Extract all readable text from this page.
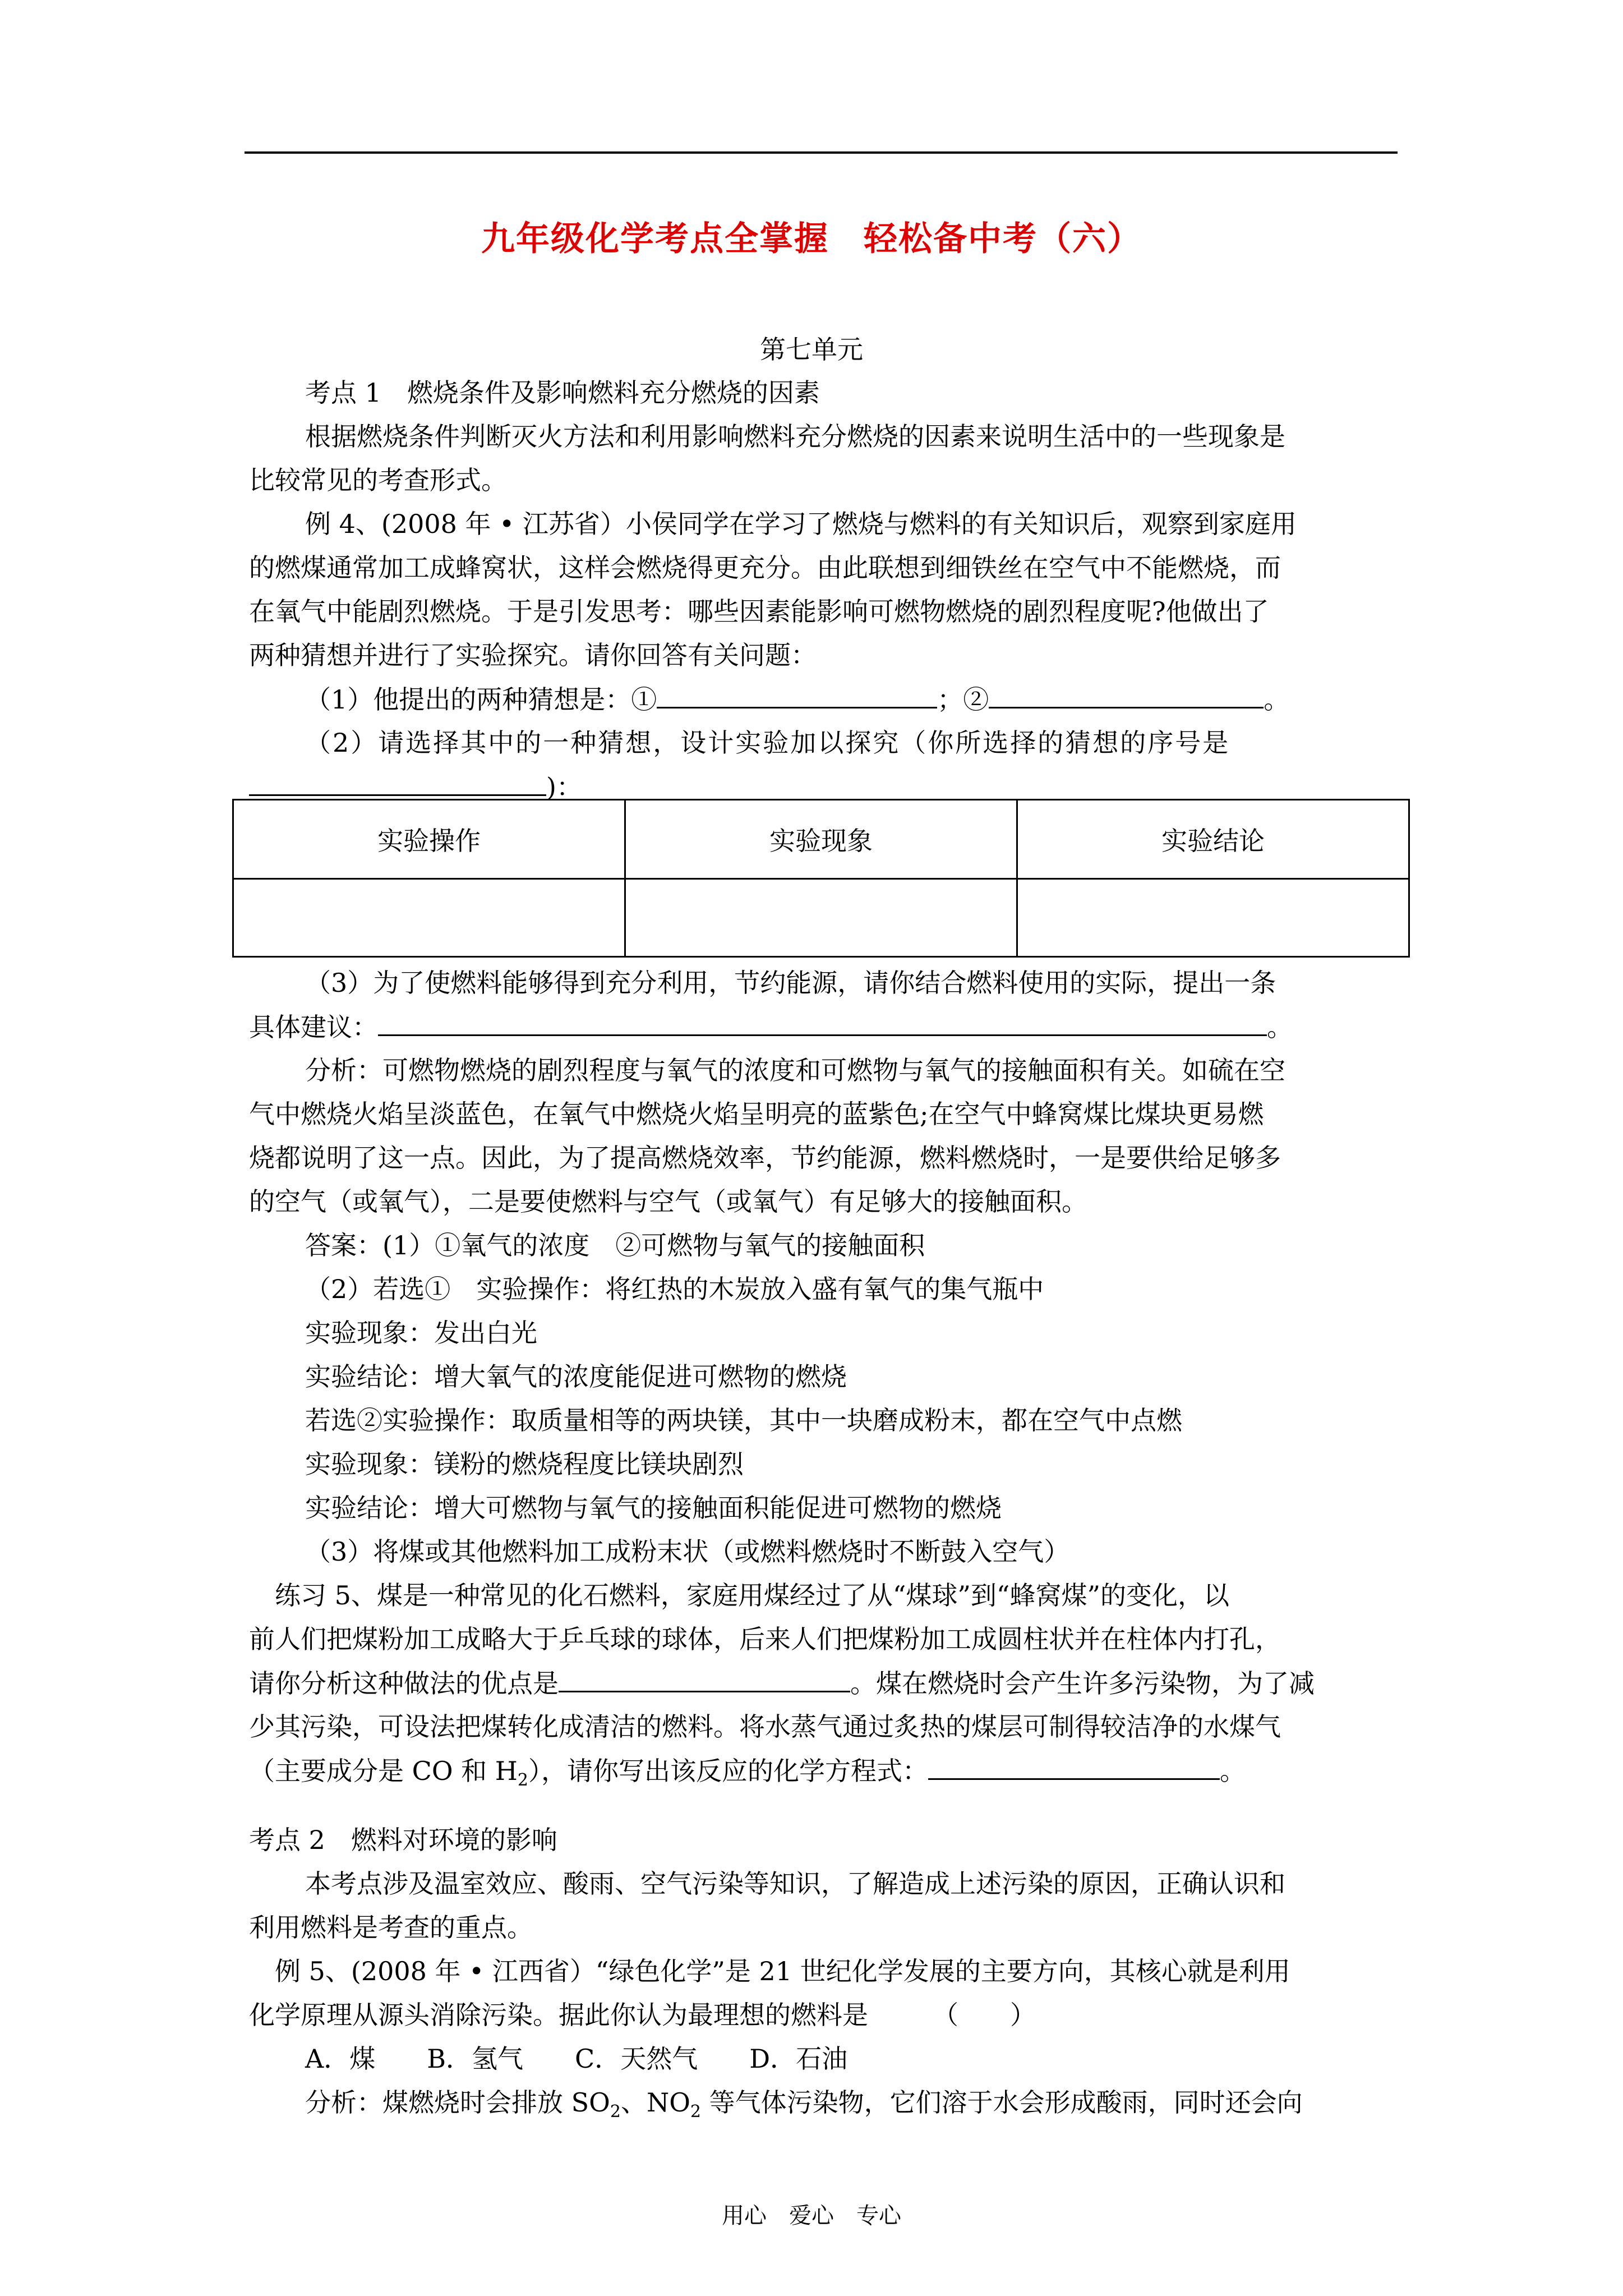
九年级化学考点全掌握　轻松备中考（六）
第七单元
考点 1　燃烧条件及影响燃料充分燃烧的因素
根据燃烧条件判断灭火方法和利用影响燃料充分燃烧的因素来说明生活中的一些现象是
比较常见的考查形式。
例 4、(2008 年 • 江苏省）小侯同学在学习了燃烧与燃料的有关知识后，观察到家庭用
的燃煤通常加工成蜂窝状，这样会燃烧得更充分。由此联想到细铁丝在空气中不能燃烧，而
在氧气中能剧烈燃烧。于是引发思考：哪些因素能影响可燃物燃烧的剧烈程度呢?他做出了
两种猜想并进行了实验探究。请你回答有关问题：
（1）他提出的两种猜想是：①	；②	。
（2）请选择其中的一种猜想，设计实验加以探究（你所选择的猜想的序号是
)：
实验操作	实验现象	实验结论

（3）为了使燃料能够得到充分利用，节约能源，请你结合燃料使用的实际，提出一条
具体建议：	。
分析：可燃物燃烧的剧烈程度与氧气的浓度和可燃物与氧气的接触面积有关。如硫在空
气中燃烧火焰呈淡蓝色，在氧气中燃烧火焰呈明亮的蓝紫色;在空气中蜂窝煤比煤块更易燃
烧都说明了这一点。因此，为了提高燃烧效率，节约能源，燃料燃烧时，一是要供给足够多
的空气（或氧气），二是要使燃料与空气（或氧气）有足够大的接触面积。
答案：(1）①氧气的浓度　②可燃物与氧气的接触面积
（2）若选①　实验操作：将红热的木炭放入盛有氧气的集气瓶中
实验现象：发出白光
实验结论：增大氧气的浓度能促进可燃物的燃烧
若选②实验操作：取质量相等的两块镁，其中一块磨成粉末，都在空气中点燃
实验现象：镁粉的燃烧程度比镁块剧烈
实验结论：增大可燃物与氧气的接触面积能促进可燃物的燃烧
（3）将煤或其他燃料加工成粉末状（或燃料燃烧时不断鼓入空气）
练习 5、煤是一种常见的化石燃料，家庭用煤经过了从“煤球”到“蜂窝煤”的变化，以
前人们把煤粉加工成略大于乒乓球的球体，后来人们把煤粉加工成圆柱状并在柱体内打孔，
请你分析这种做法的优点是	。煤在燃烧时会产生许多污染物，为了减
少其污染，可设法把煤转化成清洁的燃料。将水蒸气通过炙热的煤层可制得较洁净的水煤气
（主要成分是 CO 和 $H_2$），请你写出该反应的化学方程式：	。
考点 2　燃料对环境的影响
本考点涉及温室效应、酸雨、空气污染等知识，了解造成上述污染的原因，正确认识和
利用燃料是考查的重点。
例 5、(2008 年 • 江西省）“绿色化学”是 21 世纪化学发展的主要方向，其核心就是利用
化学原理从源头消除污染。据此你认为最理想的燃料是　　　（　　）
A．煤　　B．氢气　　C．天然气　　D．石油
分析：煤燃烧时会排放 $SO_2$、$NO_2$ 等气体污染物，它们溶于水会形成酸雨，同时还会向
用心　爱心　专心
